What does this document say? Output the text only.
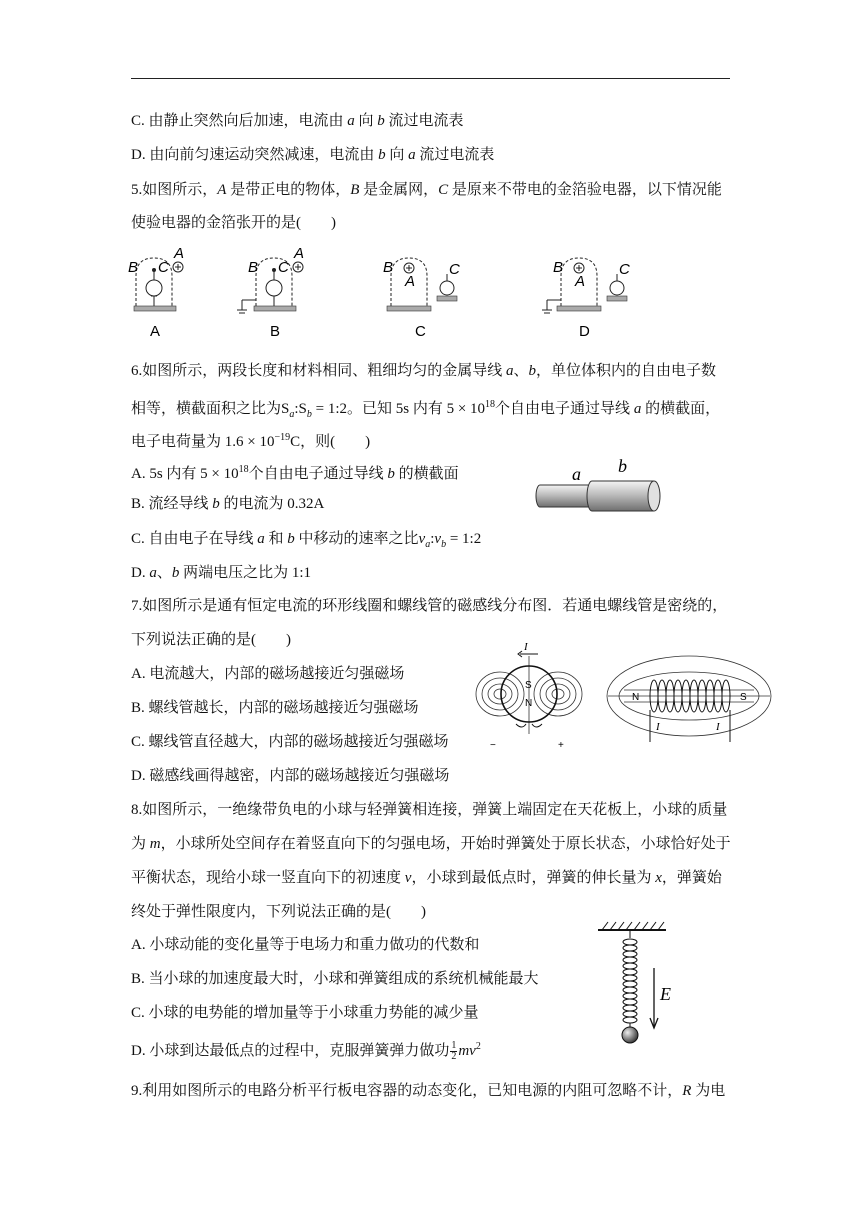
C. 由静止突然向后加速，电流由 a 向 b 流过电流表
D. 由向前匀速运动突然减速，电流由 b 向 a 流过电流表
5.如图所示，A 是带正电的物体，B 是金属网，C 是原来不带电的金箔验电器，以下情况能
使验电器的金箔张开的是(　　)
B C
A
A
B C
A
B
B
A
C
C
B
A
C
D
6.如图所示，两段长度和材料相同、粗细均匀的金属导线 a、b，单位体积内的自由电子数
相等，横截面积之比为$S_a:S_b$ = 1:2。已知 5s 内有 $5 \times 10^{18}$个自由电子通过导线 a 的横截面，
电子电荷量为 $1.6 \times 10^{-19}C$，则(　　)
A. 5s 内有 $5 \times 10^{18}$个自由电子通过导线 b 的横截面
B. 流经导线 b 的电流为 0.32A
C. 自由电子在导线 a 和 b 中移动的速率之比$v_a:v_b$ = 1:2
D. a、b 两端电压之比为 1:1
a b
7.如图所示是通有恒定电流的环形线圈和螺线管的磁感线分布图．若通电螺线管是密绕的，
下列说法正确的是(　　)
A. 电流越大，内部的磁场越接近匀强磁场
B. 螺线管越长，内部的磁场越接近匀强磁场
C. 螺线管直径越大，内部的磁场越接近匀强磁场
D. 磁感线画得越密，内部的磁场越接近匀强磁场
I
S
N
−	+
N	S
I	I
8.如图所示，一绝缘带负电的小球与轻弹簧相连接，弹簧上端固定在天花板上，小球的质量
为 m，小球所处空间存在着竖直向下的匀强电场，开始时弹簧处于原长状态，小球恰好处于
平衡状态，现给小球一竖直向下的初速度 v，小球到最低点时，弹簧的伸长量为 x，弹簧始
终处于弹性限度内，下列说法正确的是(　　)
A. 小球动能的变化量等于电场力和重力做功的代数和
B. 当小球的加速度最大时，小球和弹簧组成的系统机械能最大
C. 小球的电势能的增加量等于小球重力势能的减少量
D. 小球到达最低点的过程中，克服弹簧弹力做功 $\frac{1}{2} mv^2$
E
9.利用如图所示的电路分析平行板电容器的动态变化，已知电源的内阻可忽略不计，R 为电
